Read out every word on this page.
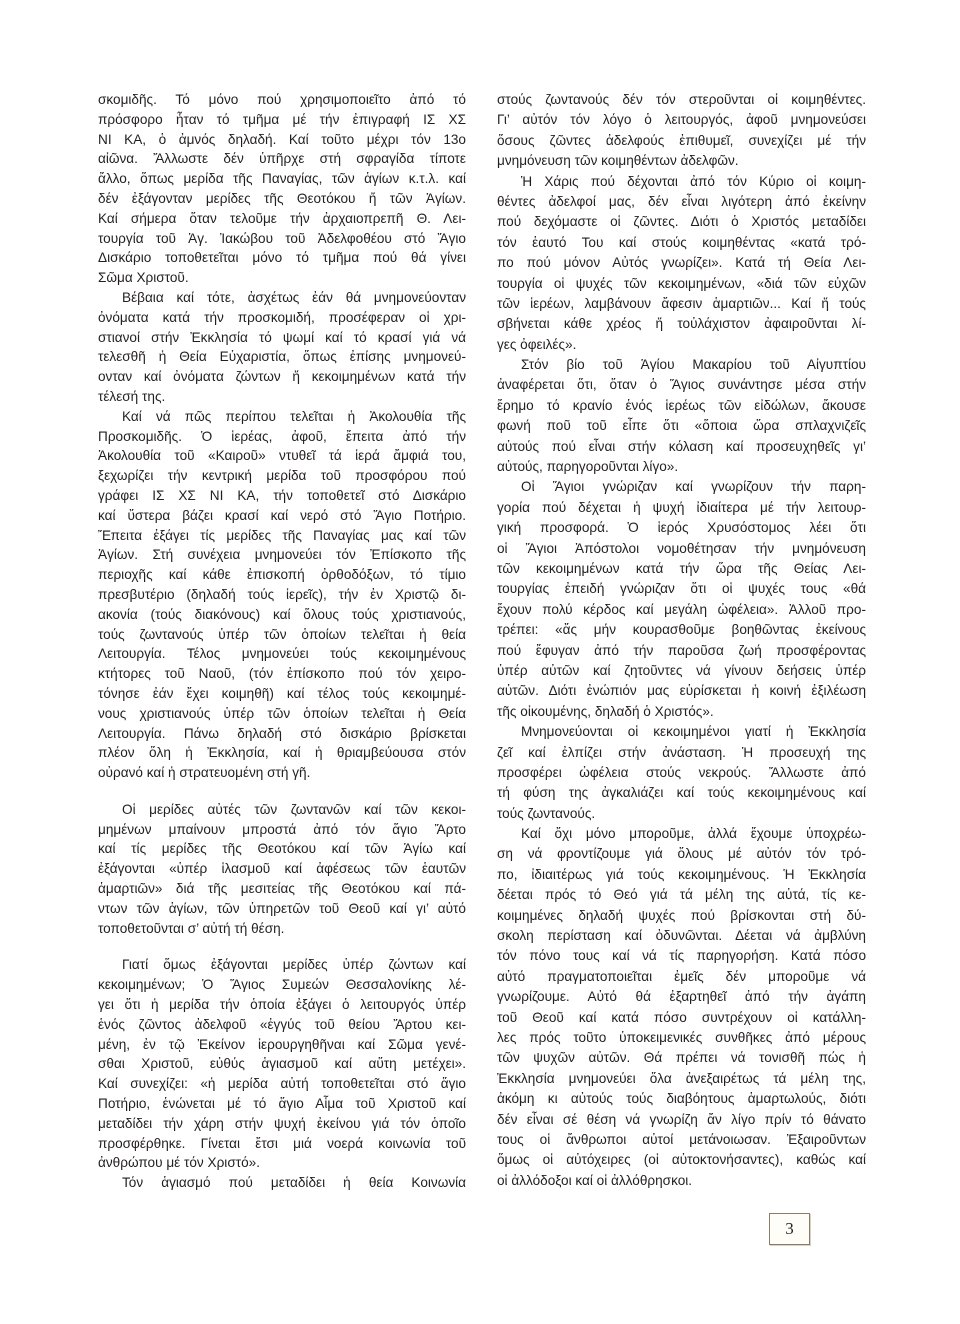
σκομιδῆς. Τό μόνο πού χρησιμοποιεῖτο ἀπό τό
πρόσφορο ἦταν τό τμῆμα μέ τήν ἐπιγραφή ΙΣ ΧΣ
ΝΙ ΚΑ, ὁ ἀμνός δηλαδή. Καί τοῦτο μέχρι τόν 13ο
αἰῶνα. Ἄλλωστε δέν ὑπῆρχε στή σφραγίδα τίποτε
ἄλλο, ὅπως μερίδα τῆς Παναγίας, τῶν ἁγίων κ.τ.λ. καί
δέν ἐξάγονταν μερίδες τῆς Θεοτόκου ἤ τῶν Ἁγίων.
Καί σήμερα ὅταν τελοῦμε τήν ἀρχαιοπρεπῆ Θ. Λει-
τουργία τοῦ Ἁγ. Ἰακώβου τοῦ Ἀδελφοθέου στό Ἅγιο
Δισκάριο τοποθετεῖται μόνο τό τμῆμα πού θά γίνει
Σῶμα Χριστοῦ.
Βέβαια καί τότε, ἀσχέτως ἐάν θά μνημονεύονταν
ὀνόματα κατά τήν προσκομιδή, προσέφεραν οἱ χρι-
στιανοί στήν Ἐκκλησία τό ψωμί καί τό κρασί γιά νά
τελεσθῆ ἡ Θεία Εὐχαριστία, ὅπως ἐπίσης μνημονεύ-
ονταν καί ὀνόματα ζώντων ἤ κεκοιμημένων κατά τήν
τέλεσή της.
Καί νά πῶς περίπου τελεῖται ἡ Ἀκολουθία τῆς
Προσκομιδῆς. Ὁ ἱερέας, ἀφοῦ, ἔπειτα ἀπό τήν
Ἀκολουθία τοῦ «Καιροῦ» ντυθεῖ τά ἱερά ἄμφιά του,
ξεχωρίζει τήν κεντρική μερίδα τοῦ προσφόρου πού
γράφει ΙΣ ΧΣ ΝΙ ΚΑ, τήν τοποθετεῖ στό Δισκάριο
καί ὕστερα βάζει κρασί καί νερό στό Ἅγιο Ποτήριο.
Ἔπειτα ἐξάγει τίς μερίδες τῆς Παναγίας μας καί τῶν
Ἁγίων. Στή συνέχεια μνημονεύει τόν Ἐπίσκοπο τῆς
περιοχῆς καί κάθε ἐπισκοπή ὀρθοδόξων, τό τίμιο
πρεσβυτέριο (δηλαδή τούς ἱερεῖς), τήν ἐν Χριστῷ δι-
ακονία (τούς διακόνους) καί ὅλους τούς χριστιανούς,
τούς ζωντανούς ὑπέρ τῶν ὁποίων τελεῖται ἡ θεία
Λειτουργία. Τέλος μνημονεύει τούς κεκοιμημένους
κτήτορες τοῦ Ναοῦ, (τόν ἐπίσκοπο πού τόν χειρο-
τόνησε ἐάν ἔχει κοιμηθῆ) καί τέλος τούς κεκοιμημέ-
νους χριστιανούς ὑπέρ τῶν ὁποίων τελεῖται ἡ Θεία
Λειτουργία. Πάνω δηλαδή στό δισκάριο βρίσκεται
πλέον ὅλη ἡ Ἐκκλησία, καί ἡ θριαμβεύουσα στόν
οὐρανό καί ἡ στρατευομένη στή γῆ.
Οἱ μερίδες αὐτές τῶν ζωντανῶν καί τῶν κεκοι-
μημένων μπαίνουν μπροστά ἀπό τόν ἅγιο Ἄρτο
καί τίς μερίδες τῆς Θεοτόκου καί τῶν Ἁγίω καί
ἐξάγονται «ὑπέρ ἱλασμοῦ καί ἀφέσεως τῶν ἑαυτῶν
ἁμαρτιῶν» διά τῆς μεσιτείας τῆς Θεοτόκου καί πά-
ντων τῶν ἁγίων, τῶν ὑπηρετῶν τοῦ Θεοῦ καί γι’ αὐτό
τοποθετοῦνται σ’ αὐτή τή θέση.
Γιατί ὅμως ἐξάγονται μερίδες ὑπέρ ζώντων καί
κεκοιμημένων; Ὁ Ἅγιος Συμεών Θεσσαλονίκης λέ-
γει ὅτι ἡ μερίδα τήν ὁποία ἐξάγει ὁ λειτουργός ὑπέρ
ἑνός ζῶντος ἀδελφοῦ «ἐγγύς τοῦ θείου Ἄρτου κει-
μένη, ἐν τῷ Ἐκείνον ἱερουργηθῆναι καί Σῶμα γενέ-
σθαι Χριστοῦ, εὐθύς ἁγιασμοῦ καί αὕτη μετέχει».
Καί συνεχίζει: «ἡ μερίδα αὐτή τοποθετεῖται στό ἅγιο
Ποτήριο, ἑνώνεται μέ τό ἅγιο Αἷμα τοῦ Χριστοῦ καί
μεταδίδει τήν χάρη στήν ψυχή ἐκείνου γιά τόν ὁποῖο
προσφέρθηκε. Γίνεται ἔτσι μιά νοερά κοινωνία τοῦ
ἀνθρώπου μέ τόν Χριστό».
Τόν ἁγιασμό πού μεταδίδει ἡ θεία Κοινωνία
στούς ζωντανούς δέν τόν στεροῦνται οἱ κοιμηθέντες.
Γι’ αὐτόν τόν λόγο ὁ λειτουργός, ἀφοῦ μνημονεύσει
ὅσους ζῶντες ἀδελφούς ἐπιθυμεῖ, συνεχίζει μέ τήν
μνημόνευση τῶν κοιμηθέντων ἀδελφῶν.
Ἡ Χάρις πού δέχονται ἀπό τόν Κύριο οἱ κοιμη-
θέντες ἀδελφοί μας, δέν εἶναι λιγότερη ἀπό ἐκείνην
πού δεχόμαστε οἱ ζῶντες. Διότι ὁ Χριστός μεταδίδει
τόν ἑαυτό Του καί στούς κοιμηθέντας «κατά τρό-
πο πού μόνον Αὐτός γνωρίζει». Κατά τή Θεία Λει-
τουργία οἱ ψυχές τῶν κεκοιμημένων, «διά τῶν εὐχῶν
τῶν ἱερέων, λαμβάνουν ἄφεσιν ἁμαρτιῶν... Καί ἤ τούς
σβήνεται κάθε χρέος ἤ τοὐλάχιστον ἀφαιροῦνται λί-
γες ὀφειλές».
Στόν βίο τοῦ Ἁγίου Μακαρίου τοῦ Αἰγυπτίου
ἀναφέρεται ὅτι, ὅταν ὁ Ἅγιος συνάντησε μέσα στήν
ἔρημο τό κρανίο ἑνός ἱερέως τῶν εἰδώλων, ἄκουσε
φωνή ποῦ τοῦ εἶπε ὅτι «ὅποια ὥρα σπλαχνιζεῖς
αὐτούς πού εἶναι στήν κόλαση καί προσευχηθεῖς γι’
αὐτούς, παρηγοροῦνται λίγο».
Οἱ Ἅγιοι γνώριζαν καί γνωρίζουν τήν παρη-
γορία πού δέχεται ἡ ψυχή ἰδιαίτερα μέ τήν λειτουρ-
γική προσφορά. Ὁ ἱερός Χρυσόστομος λέει ὅτι
οἱ Ἅγιοι Ἀπόστολοι νομοθέτησαν τήν μνημόνευση
τῶν κεκοιμημένων κατά τήν ὥρα τῆς Θείας Λει-
τουργίας ἐπειδή γνώριζαν ὅτι οἱ ψυχές τους «θά
ἔχουν πολύ κέρδος καί μεγάλη ὠφέλεια». Ἀλλοῦ προ-
τρέπει: «ἄς μήν κουρασθοῦμε βοηθῶντας ἐκείνους
πού ἔφυγαν ἀπό τήν παροῦσα ζωή προσφέροντας
ὑπέρ αὐτῶν καί ζητοῦντες νά γίνουν δεήσεις ὑπέρ
αὐτῶν. Διότι ἐνώπιόν μας εὑρίσκεται ἡ κοινή ἐξιλέωση
τῆς οἰκουμένης, δηλαδή ὁ Χριστός».
Μνημονεύονται οἱ κεκοιμημένοι γιατί ἡ Ἐκκλησία
ζεῖ καί ἐλπίζει στήν ἀνάσταση. Ἡ προσευχή της
προσφέρει ὠφέλεια στούς νεκρούς. Ἄλλωστε ἀπό
τή φύση της ἀγκαλιάζει καί τούς κεκοιμημένους καί
τούς ζωντανούς.
Καί ὄχι μόνο μποροῦμε, ἀλλά ἔχουμε ὑποχρέω-
ση νά φροντίζουμε γιά ὅλους μέ αὐτόν τόν τρό-
πο, ἰδιαιτέρως γιά τούς κεκοιμημένους. Ἡ Ἐκκλησία
δέεται πρός τό Θεό γιά τά μέλη της αὐτά, τίς κε-
κοιμημένες δηλαδή ψυχές πού βρίσκονται στή δύ-
σκολη περίσταση καί ὀδυνῶνται. Δέεται νά ἀμβλύνη
τόν πόνο τους καί νά τίς παρηγορήση. Κατά πόσο
αὐτό πραγματοποιεῖται ἐμεῖς δέν μποροῦμε νά
γνωρίζουμε. Αὐτό θά ἐξαρτηθεῖ ἀπό τήν ἀγάπη
τοῦ Θεοῦ καί κατά πόσο συντρέχουν οἱ κατάλλη-
λες πρός τοῦτο ὑποκειμενικές συνθῆκες ἀπό μέρους
τῶν ψυχῶν αὐτῶν. Θά πρέπει νά τονισθῆ πώς ἡ
Ἐκκλησία μνημονεύει ὅλα ἀνεξαιρέτως τά μέλη της,
ἀκόμη κι αὐτούς τούς διαβόητους ἁμαρτωλούς, διότι
δέν εἶναι σέ θέση νά γνωρίζη ἄν λίγο πρίν τό θάνατο
τους οἱ ἄνθρωποι αὐτοί μετάνοιωσαν. Ἐξαιροῦντων
ὅμως οἱ αὐτόχειρες (οἱ αὐτοκτονήσαντες), καθώς καί
οἱ ἀλλόδοξοι καί οἱ ἀλλόθρησκοι.
3
